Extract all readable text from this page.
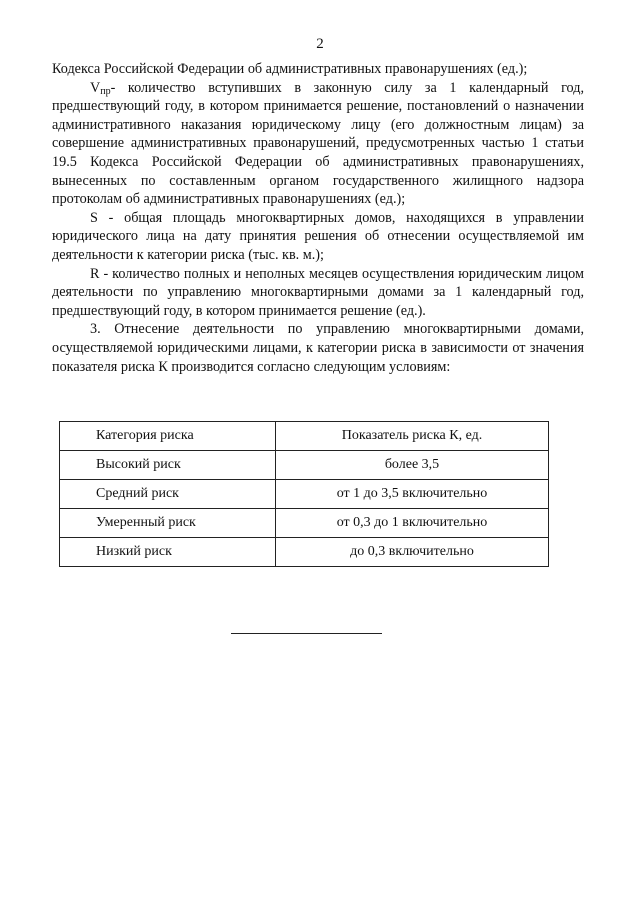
2

Кодекса Российской Федерации об административных правонарушениях (ед.);

$V_{пр}-$ количество вступивших в законную силу за 1 календарный год, предшествующий году, в котором принимается решение, постановлений о назначении административного наказания юридическому лицу (его должностным лицам) за совершение административных правонарушений, предусмотренных частью 1 статьи 19.5 Кодекса Российской Федерации об административных правонарушениях, вынесенных по составленным органом государственного жилищного надзора протоколам об административных правонарушениях (ед.);

S - общая площадь многоквартирных домов, находящихся в управлении юридического лица на дату принятия решения об отнесении осуществляемой им деятельности к категории риска (тыс. кв. м.);

R - количество полных и неполных месяцев осуществления юридическим лицом деятельности по управлению многоквартирными домами за 1 календарный год, предшествующий году, в котором принимается решение (ед.).

3. Отнесение деятельности по управлению многоквартирными домами, осуществляемой юридическими лицами, к категории риска в зависимости от значения показателя риска К производится согласно следующим условиям:

Категория риска	Показатель риска К, ед.
Высокий риск	более 3,5
Средний риск	от 1 до 3,5 включительно
Умеренный риск	от 0,3 до 1 включительно
Низкий риск	до 0,3 включительно
